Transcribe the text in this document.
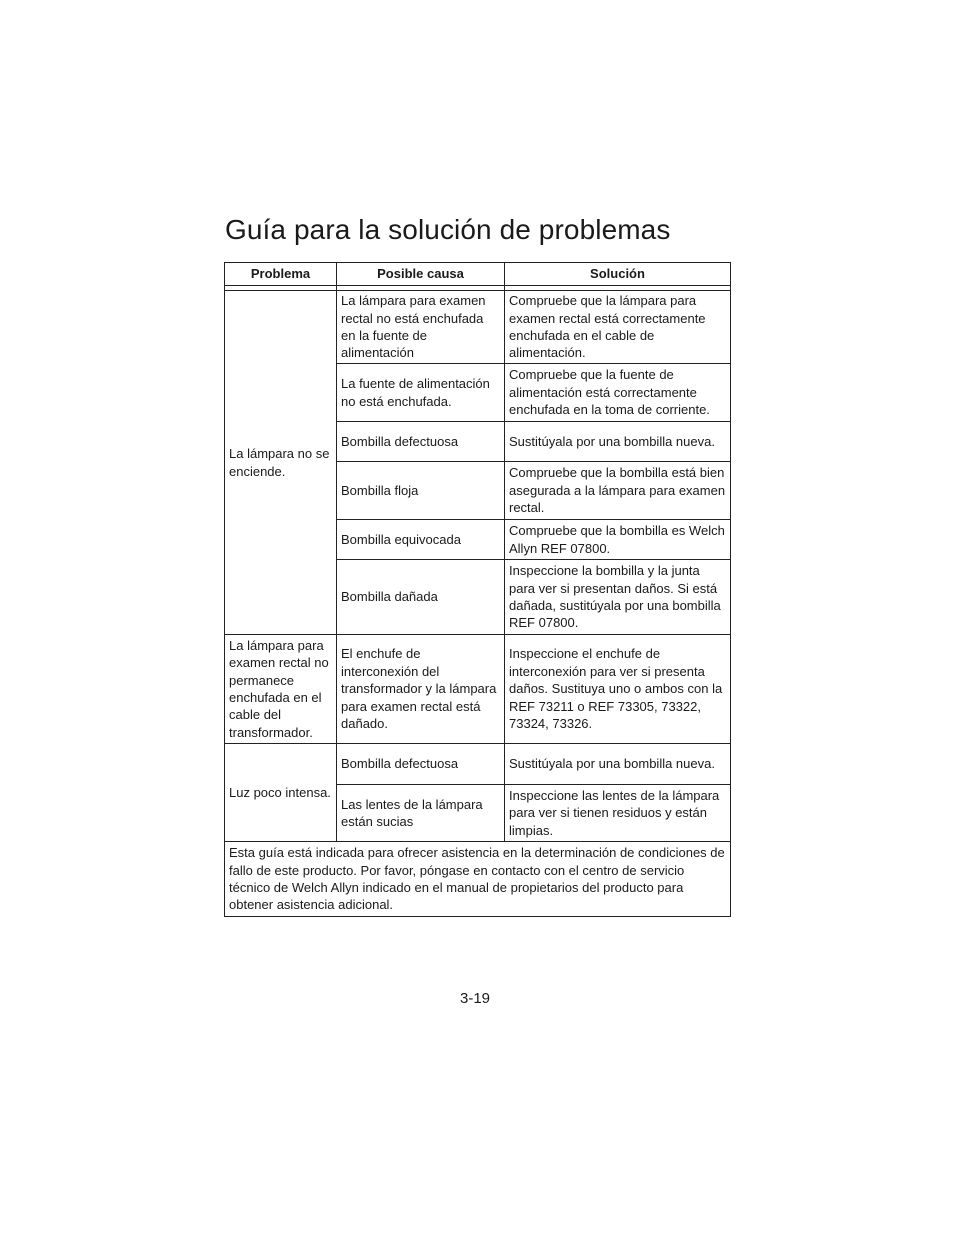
Guía para la solución de problemas
Problema	Posible causa	Solución

La lámpara no se enciende.	La lámpara para examen rectal no está enchufada en la fuente de alimentación	Compruebe que la lámpara para examen rectal está correctamente enchufada en el cable de alimentación.
	La fuente de alimentación no está enchufada.	Compruebe que la fuente de alimentación está correctamente enchufada en la toma de corriente.
	Bombilla defectuosa	Sustitúyala por una bombilla nueva.
	Bombilla floja	Compruebe que la bombilla está bien asegurada a la lámpara para examen rectal.
	Bombilla equivocada	Compruebe que la bombilla es Welch Allyn REF 07800.
	Bombilla dañada	Inspeccione la bombilla y la junta para ver si presentan daños. Si está dañada, sustitúyala por una bombilla REF 07800.
La lámpara para examen rectal no permanece enchufada en el cable del transformador.	El enchufe de interconexión del transformador y la lámpara para examen rectal está dañado.	Inspeccione el enchufe de interconexión para ver si presenta daños. Sustituya uno o ambos con la REF 73211 o REF 73305, 73322, 73324, 73326.
Luz poco intensa.	Bombilla defectuosa	Sustitúyala por una bombilla nueva.
	Las lentes de la lámpara están sucias	Inspeccione las lentes de la lámpara para ver si tienen residuos y están limpias.
Esta guía está indicada para ofrecer asistencia en la determinación de condiciones de fallo de este producto. Por favor, póngase en contacto con el centro de servicio técnico de Welch Allyn indicado en el manual de propietarios del producto para obtener asistencia adicional.		
3-19
